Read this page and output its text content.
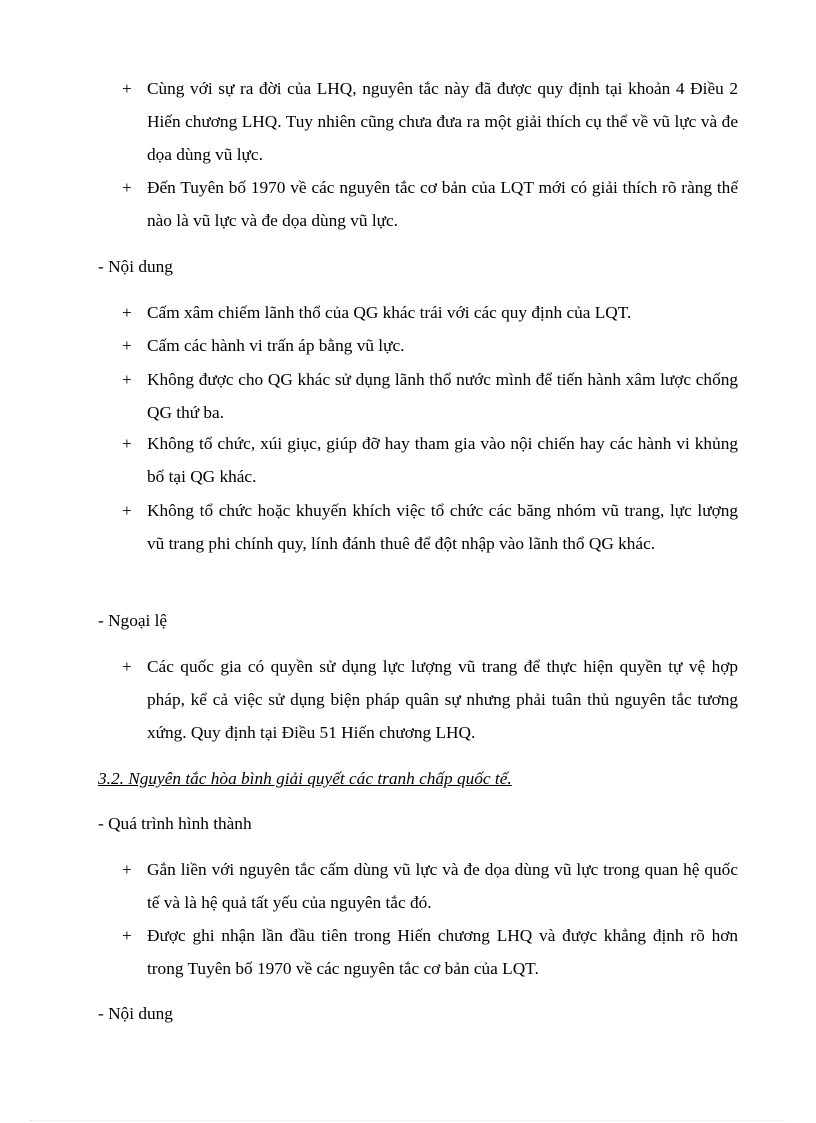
+ Cùng với sự ra đời của LHQ, nguyên tắc này đã được quy định tại khoản 4 Điều 2 Hiến chương LHQ. Tuy nhiên cũng chưa đưa ra một giải thích cụ thể về vũ lực và đe dọa dùng vũ lực.
+ Đến Tuyên bố 1970 về các nguyên tắc cơ bản của LQT mới có giải thích rõ ràng thế nào là vũ lực và đe dọa dùng vũ lực.
- Nội dung
+ Cấm xâm chiếm lãnh thổ của QG khác trái với các quy định của LQT.
+ Cấm các hành vi trấn áp bằng vũ lực.
+ Không được cho QG khác sử dụng lãnh thổ nước mình để tiến hành xâm lược chống QG thứ ba.
+ Không tổ chức, xúi giục, giúp đỡ hay tham gia vào nội chiến hay các hành vi khủng bố tại QG khác.
+ Không tổ chức hoặc khuyến khích việc tổ chức các băng nhóm vũ trang, lực lượng vũ trang phi chính quy, lính đánh thuê để đột nhập vào lãnh thổ QG khác.
- Ngoại lệ
+ Các quốc gia có quyền sử dụng lực lượng vũ trang để thực hiện quyền tự vệ hợp pháp, kể cả việc sử dụng biện pháp quân sự nhưng phải tuân thủ nguyên tắc tương xứng. Quy định tại Điều 51 Hiến chương LHQ.
3.2. Nguyên tắc hòa bình giải quyết các tranh chấp quốc tế.
- Quá trình hình thành
+ Gắn liền với nguyên tắc cấm dùng vũ lực và đe dọa dùng vũ lực trong quan hệ quốc tế và là hệ quả tất yếu của nguyên tắc đó.
+ Được ghi nhận lần đầu tiên trong Hiến chương LHQ và được khẳng định rõ hơn trong Tuyên bố 1970 về các nguyên tắc cơ bản của LQT.
- Nội dung
